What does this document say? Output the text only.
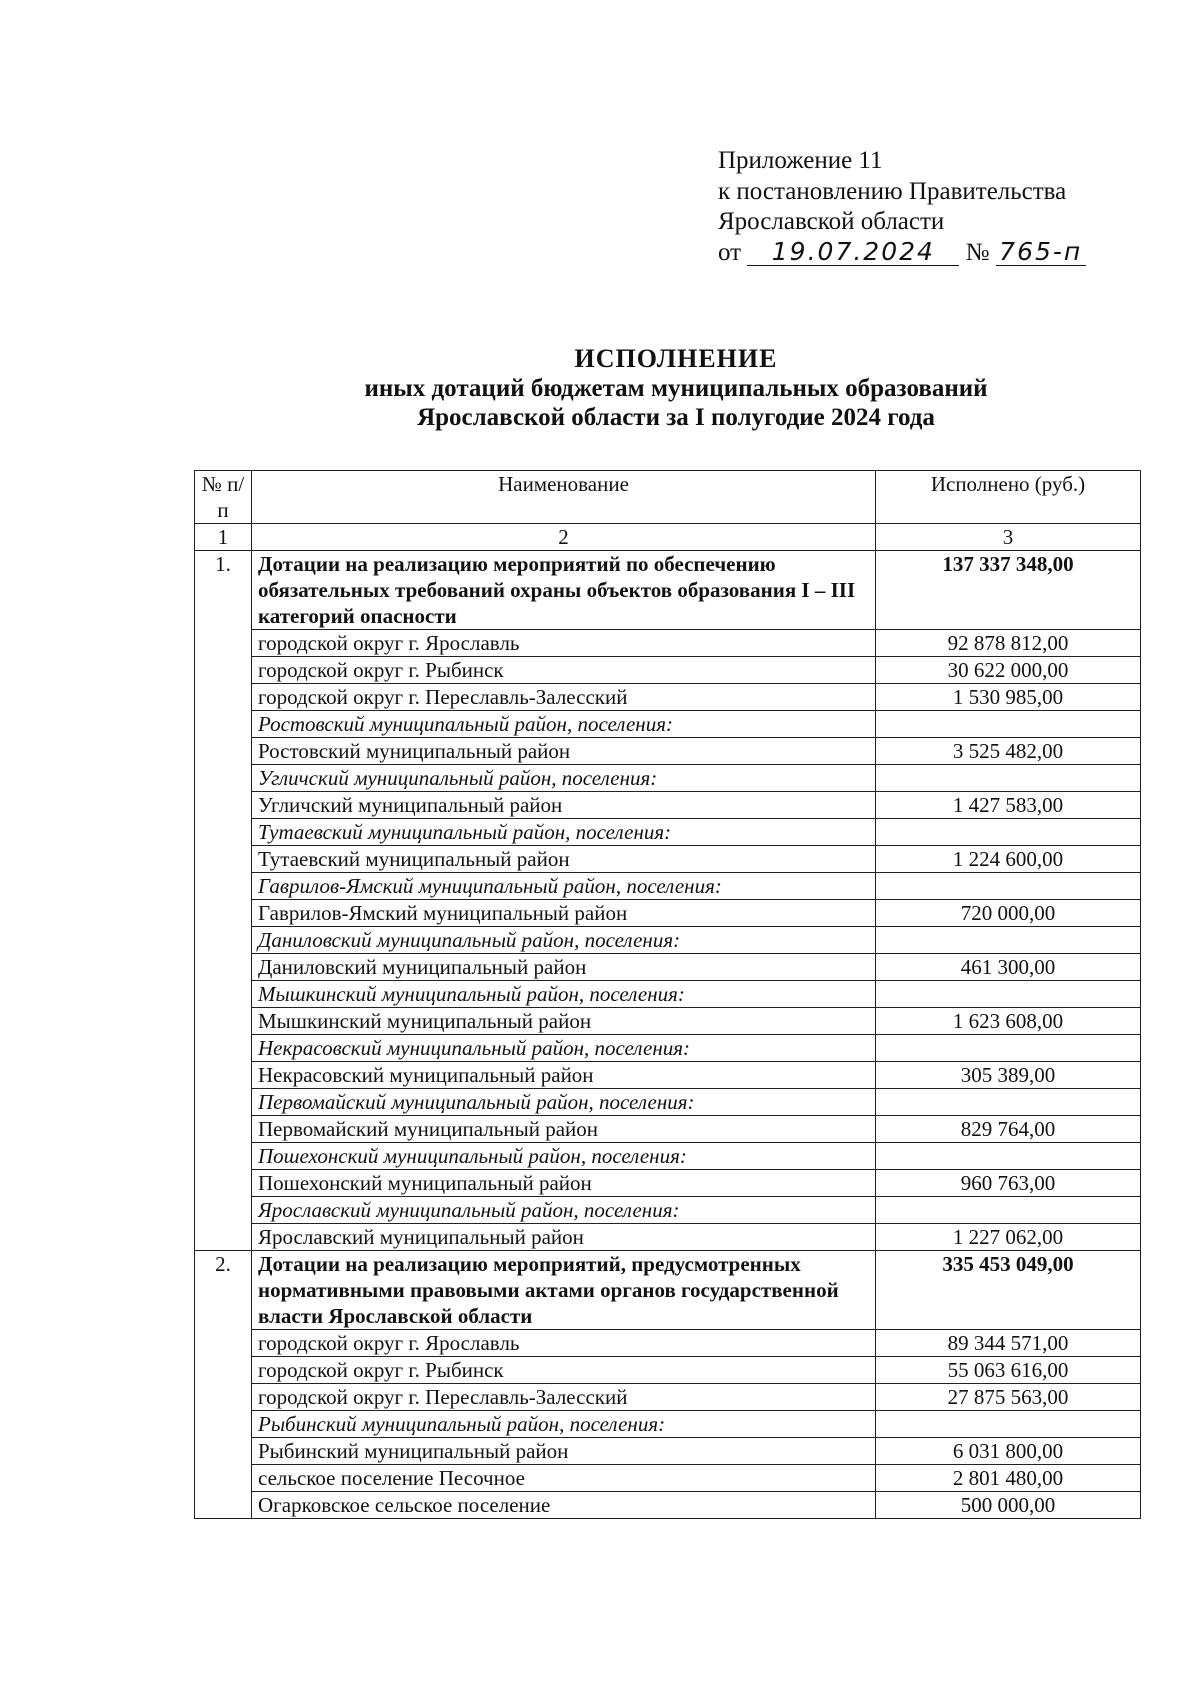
Приложение 11
к постановлению Правительства
Ярославской области
от 19.07.2024 № 765-п
ИСПОЛНЕНИЕ
иных дотаций бюджетам муниципальных образований
Ярославской области за I полугодие 2024 года
№ п/п	Наименование	Исполнено (руб.)
1	2	3
1.	Дотации на реализацию мероприятий по обеспечению обязательных требований охраны объектов образования I – III категорий опасности	137 337 348,00
	городской округ г. Ярославль	92 878 812,00
	городской округ г. Рыбинск	30 622 000,00
	городской округ г. Переславль-Залесский	1 530 985,00
	Ростовский муниципальный район, поселения:	
	Ростовский муниципальный район	3 525 482,00
	Угличский муниципальный район, поселения:	
	Угличский муниципальный район	1 427 583,00
	Тутаевский муниципальный район, поселения:	
	Тутаевский муниципальный район	1 224 600,00
	Гаврилов-Ямский муниципальный район, поселения:	
	Гаврилов-Ямский муниципальный район	720 000,00
	Даниловский муниципальный район, поселения:	
	Даниловский муниципальный район	461 300,00
	Мышкинский муниципальный район, поселения:	
	Мышкинский муниципальный район	1 623 608,00
	Некрасовский муниципальный район, поселения:	
	Некрасовский муниципальный район	305 389,00
	Первомайский муниципальный район, поселения:	
	Первомайский муниципальный район	829 764,00
	Пошехонский муниципальный район, поселения:	
	Пошехонский муниципальный район	960 763,00
	Ярославский муниципальный район, поселения:	
	Ярославский муниципальный район	1 227 062,00
2.	Дотации на реализацию мероприятий, предусмотренных нормативными правовыми актами органов государственной власти Ярославской области	335 453 049,00
	городской округ г. Ярославль	89 344 571,00
	городской округ г. Рыбинск	55 063 616,00
	городской округ г. Переславль-Залесский	27 875 563,00
	Рыбинский муниципальный район, поселения:	
	Рыбинский муниципальный район	6 031 800,00
	сельское поселение Песочное	2 801 480,00
	Огарковское сельское поселение	500 000,00
